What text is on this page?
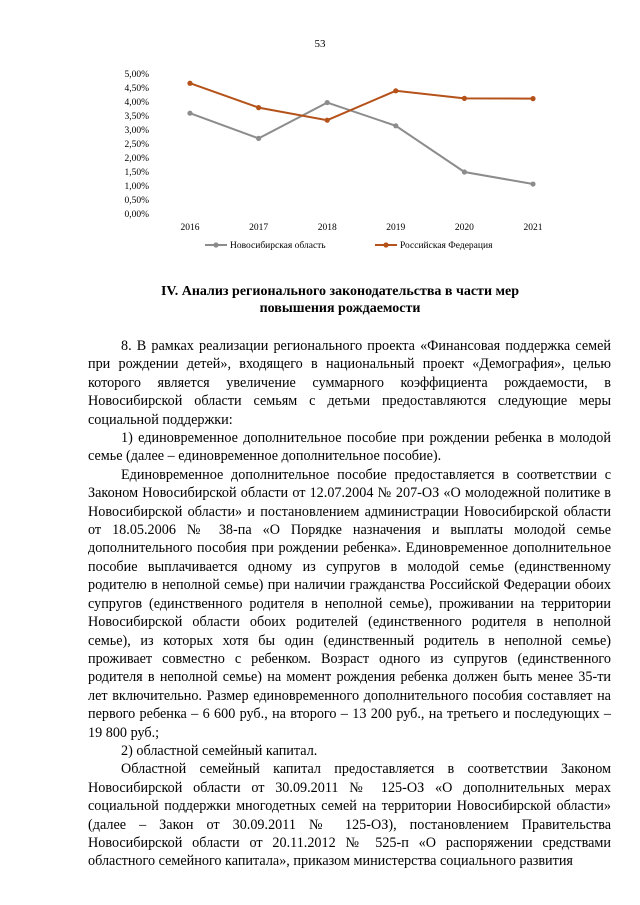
53
0,00%
0,50%
1,00%
1,50%
2,00%
2,50%
3,00%
3,50%
4,00%
4,50%
5,00%
2016	2017	2018	2019	2020	2021
Новосибирская область	Российская Федерация
IV. Анализ регионального законодательства в части мер
повышения рождаемости

8. В рамках реализации регионального проекта «Финансовая поддержка семей при рождении детей», входящего в национальный проект «Демография», целью которого является увеличение суммарного коэффициента рождаемости, в Новосибирской области семьям с детьми предоставляются следующие меры социальной поддержки:

1) единовременное дополнительное пособие при рождении ребенка в молодой семье (далее – единовременное дополнительное пособие).

Единовременное дополнительное пособие предоставляется в соответствии с Законом Новосибирской области от 12.07.2004 № 207-ОЗ «О молодежной политике в Новосибирской области» и постановлением администрации Новосибирской области от 18.05.2006 № 38-па «О Порядке назначения и выплаты молодой семье дополнительного пособия при рождении ребенка». Единовременное дополнительное пособие выплачивается одному из супругов в молодой семье (единственному родителю в неполной семье) при наличии гражданства Российской Федерации обоих супругов (единственного родителя в неполной семье), проживании на территории Новосибирской области обоих родителей (единственного родителя в неполной семье), из которых хотя бы один (единственный родитель в неполной семье) проживает совместно с ребенком. Возраст одного из супругов (единственного родителя в неполной семье) на момент рождения ребенка должен быть менее 35-ти лет включительно. Размер единовременного дополнительного пособия составляет на первого ребенка – 6 600 руб., на второго – 13 200 руб., на третьего и последующих –19 800 руб.;

2) областной семейный капитал.

Областной семейный капитал предоставляется в соответствии Законом Новосибирской области от 30.09.2011 № 125-ОЗ «О дополнительных мерах социальной поддержки многодетных семей на территории Новосибирской области» (далее – Закон от 30.09.2011 № 125-ОЗ), постановлением Правительства Новосибирской области от 20.11.2012 № 525-п «О распоряжении средствами областного семейного капитала», приказом министерства социального развития
